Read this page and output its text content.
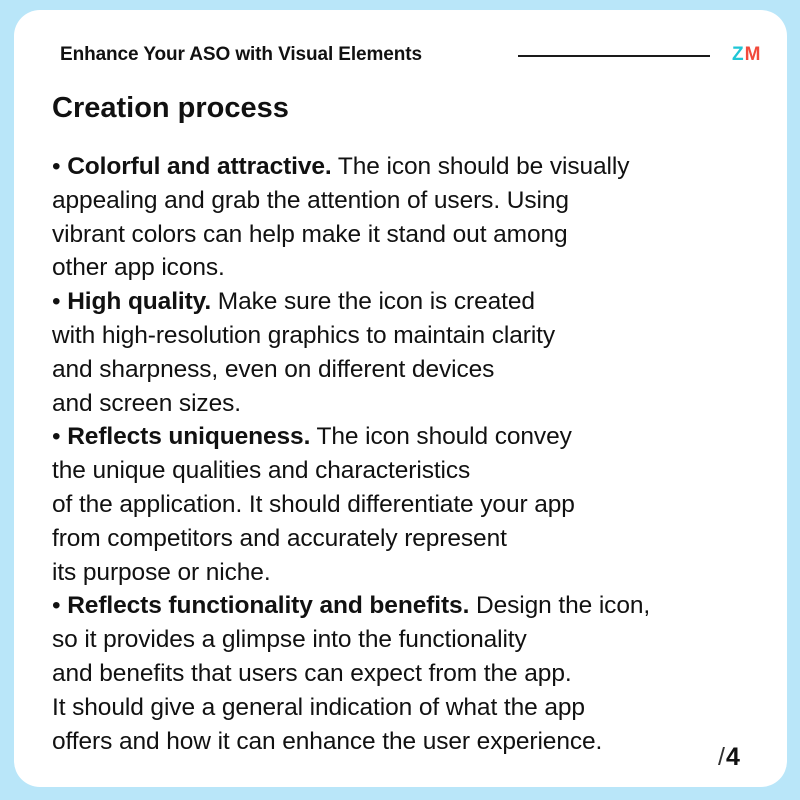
Enhance Your ASO with Visual Elements	ZM
Creation process
• Colorful and attractive. The icon should be visually
appealing and grab the attention of users. Using
vibrant colors can help make it stand out among
other app icons.
• High quality. Make sure the icon is created
with high-resolution graphics to maintain clarity
and sharpness, even on different devices
and screen sizes.
• Reflects uniqueness. The icon should convey
the unique qualities and characteristics
of the application. It should differentiate your app
from competitors and accurately represent
its purpose or niche.
• Reflects functionality and benefits. Design the icon,
so it provides a glimpse into the functionality
and benefits that users can expect from the app.
It should give a general indication of what the app
offers and how it can enhance the user experience.
/4
